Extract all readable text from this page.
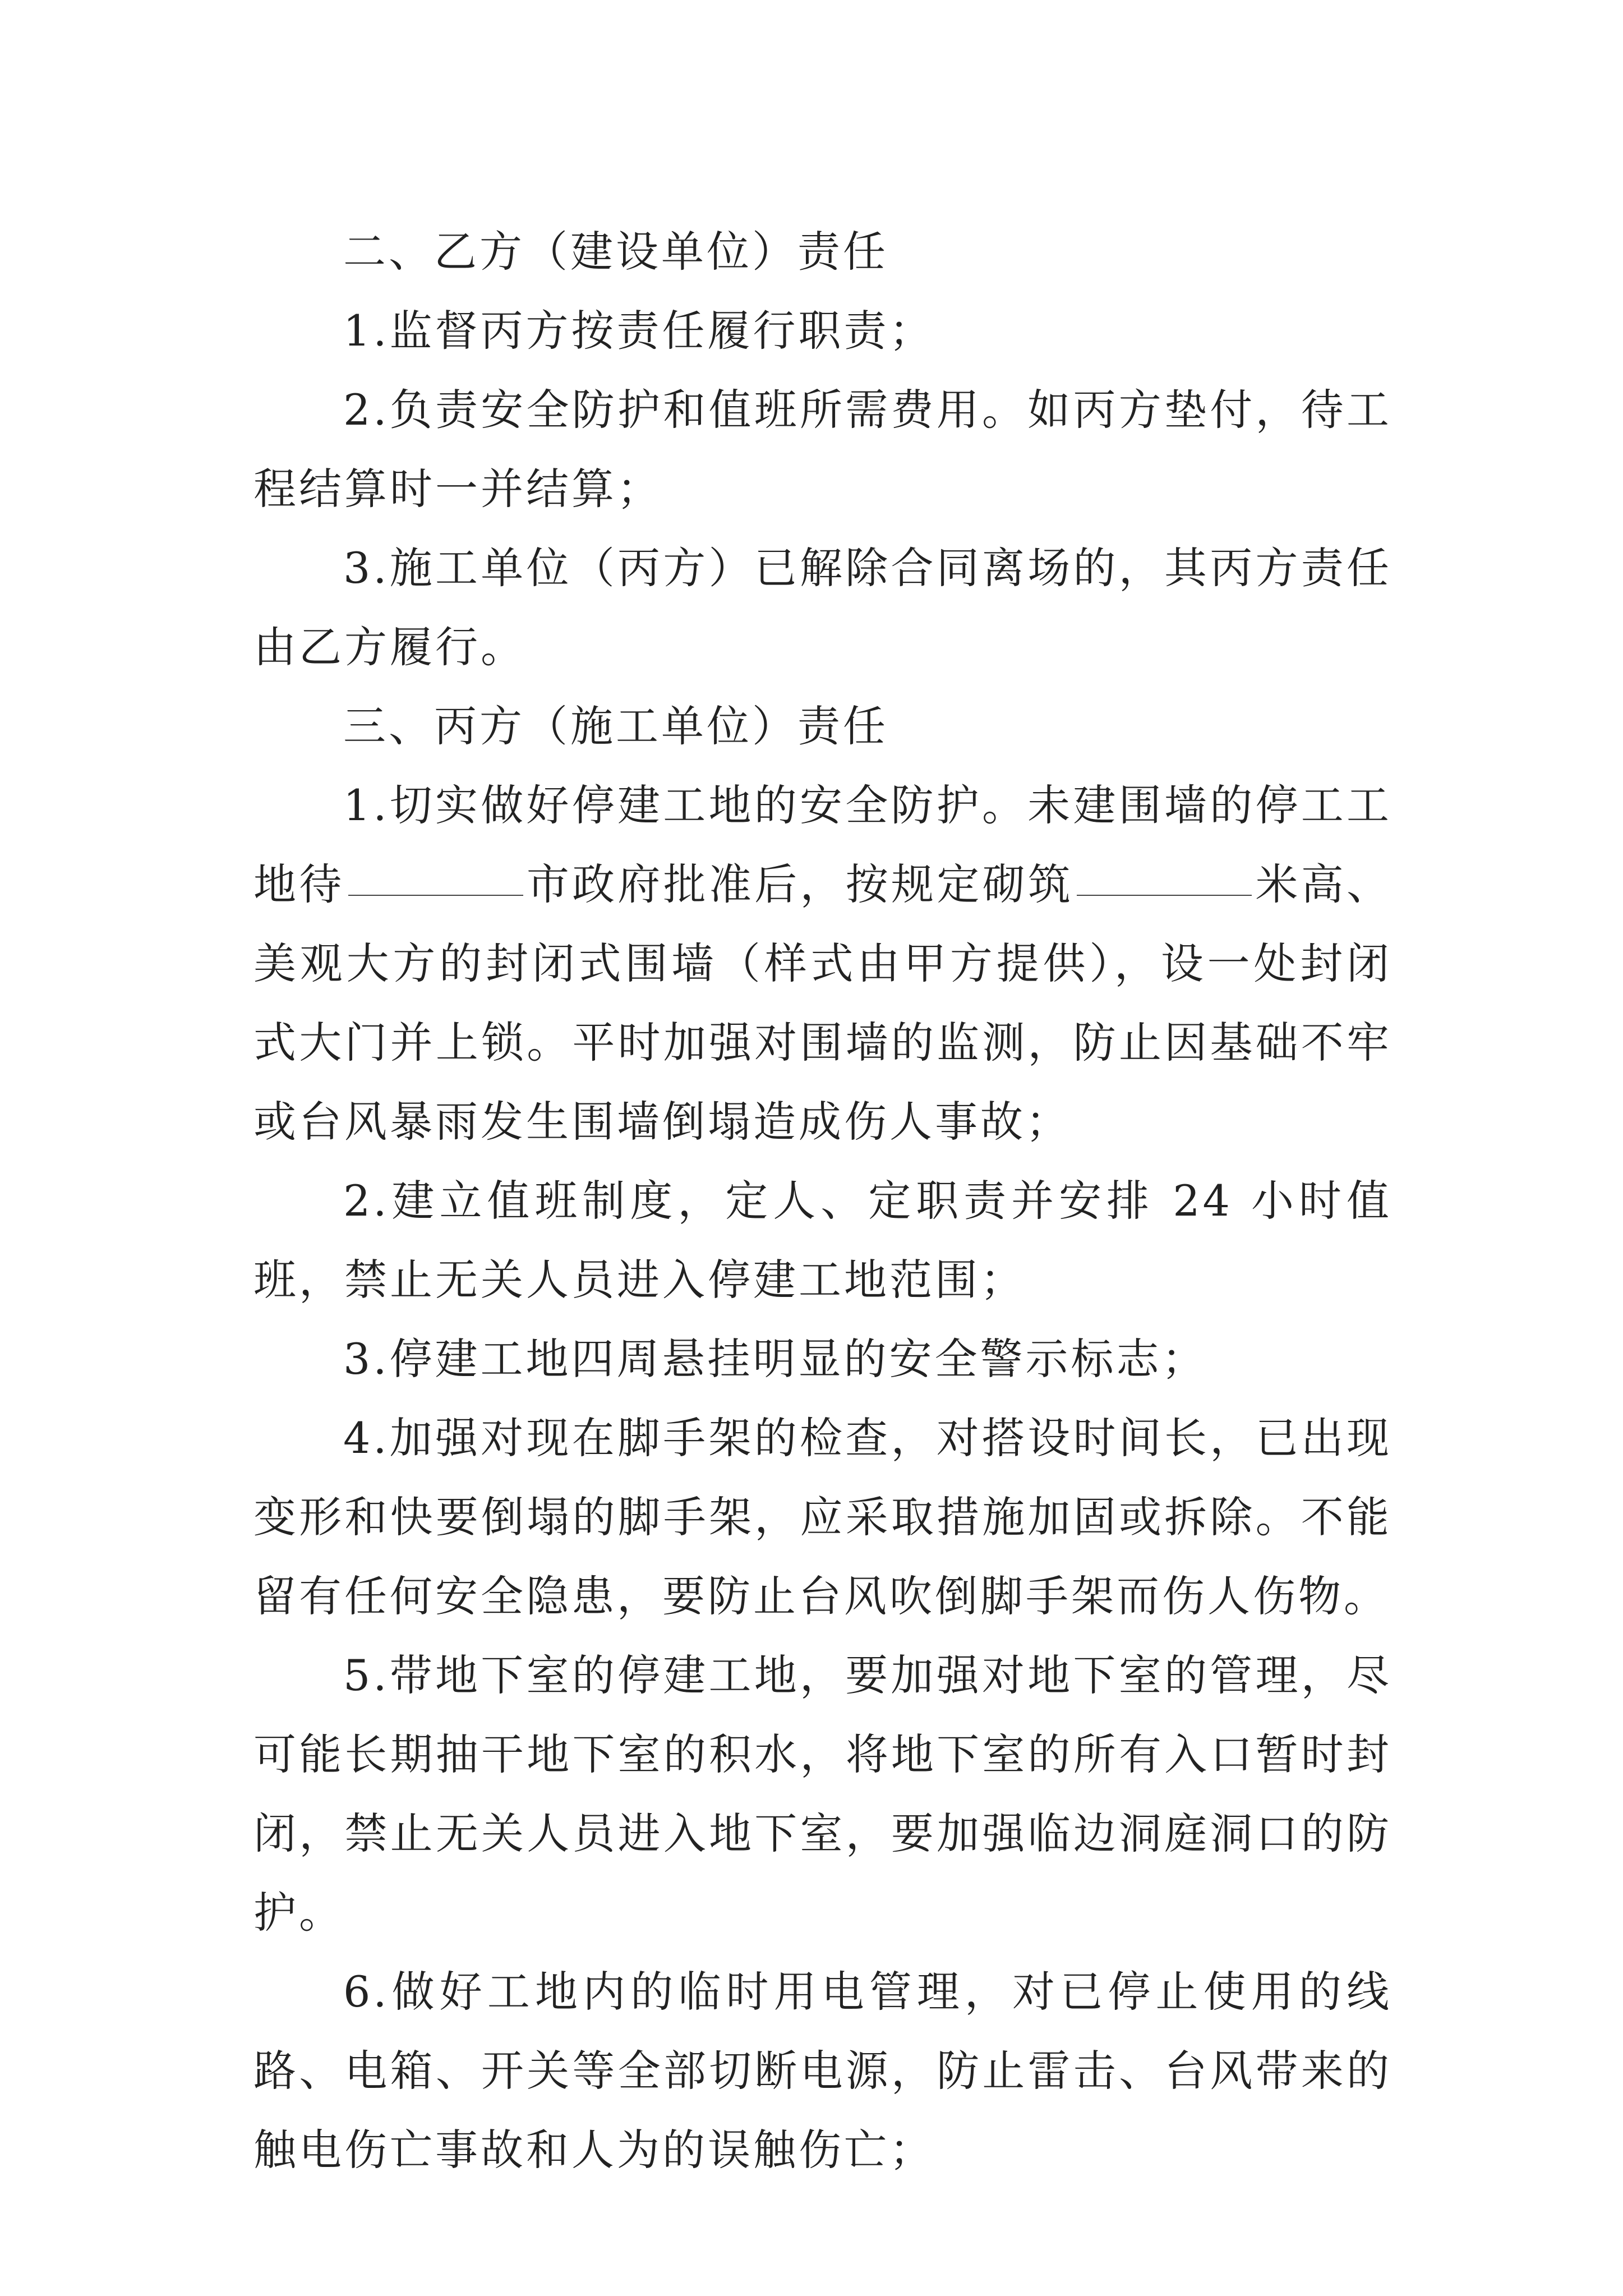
二、乙方（建设单位）责任

1.监督丙方按责任履行职责；

2.负责安全防护和值班所需费用。如丙方垫付，待工程结算时一并结算；

3.施工单位（丙方）已解除合同离场的，其丙方责任由乙方履行。

三、丙方（施工单位）责任

1.切实做好停建工地的安全防护。未建围墙的停工工地待	市政府批准后，按规定砌筑	米高、美观大方的封闭式围墙（样式由甲方提供），设一处封闭式大门并上锁。平时加强对围墙的监测，防止因基础不牢或台风暴雨发生围墙倒塌造成伤人事故；

2.建立值班制度，定人、定职责并安排 24 小时值班，禁止无关人员进入停建工地范围；

3.停建工地四周悬挂明显的安全警示标志；

4.加强对现在脚手架的检查，对搭设时间长，已出现变形和快要倒塌的脚手架，应采取措施加固或拆除。不能留有任何安全隐患，要防止台风吹倒脚手架而伤人伤物。

5.带地下室的停建工地，要加强对地下室的管理，尽可能长期抽干地下室的积水，将地下室的所有入口暂时封闭，禁止无关人员进入地下室，要加强临边洞庭洞口的防护。

6.做好工地内的临时用电管理，对已停止使用的线路、电箱、开关等全部切断电源，防止雷击、台风带来的触电伤亡事故和人为的误触伤亡；
